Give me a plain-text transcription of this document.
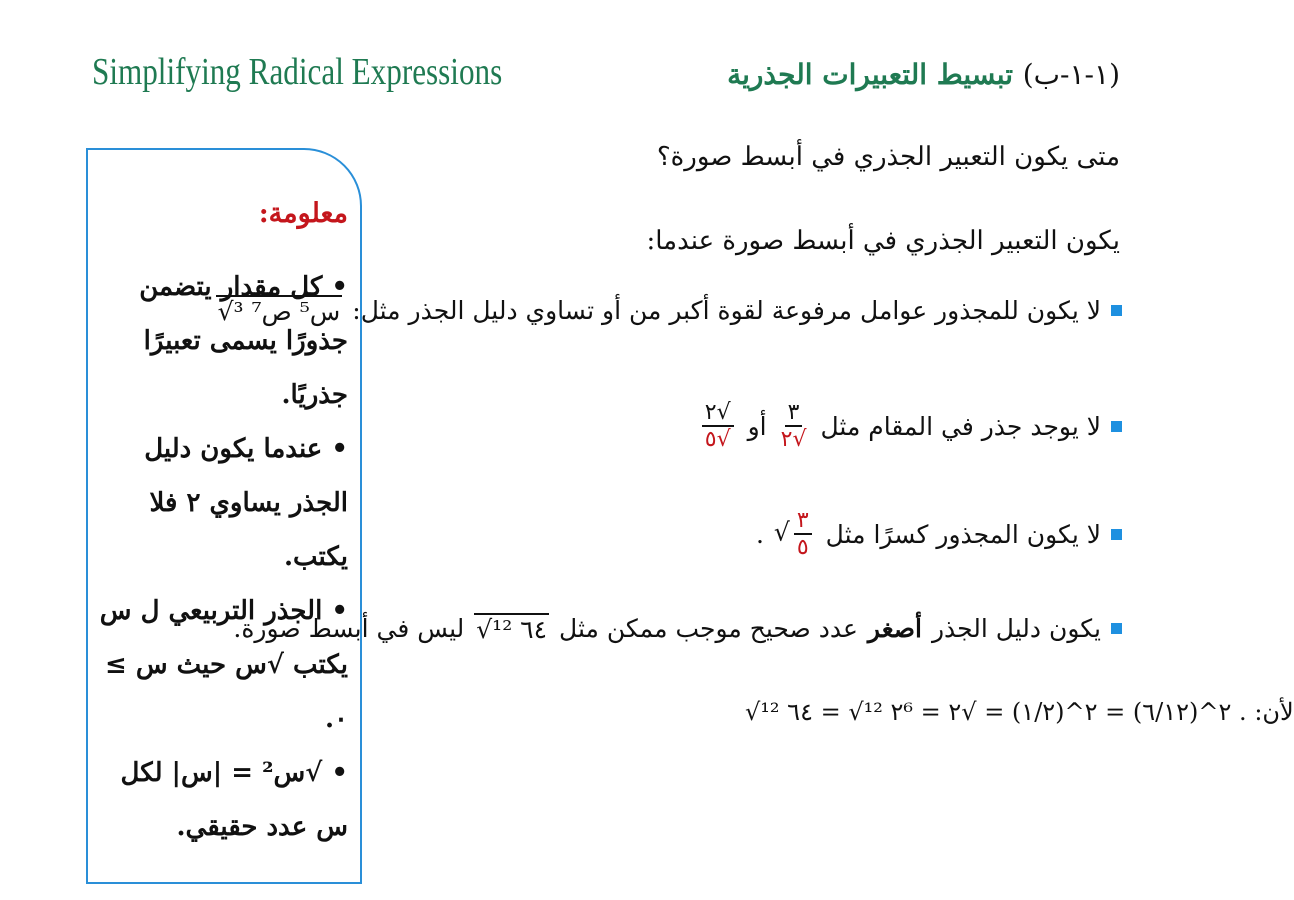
Simplifying Radical Expressions	(١-١-ب) تبسيط التعبيرات الجذرية
متى يكون التعبير الجذري في أبسط صورة؟
يكون التعبير الجذري في أبسط صورة عندما:
لا يكون للمجذور عوامل مرفوعة لقوة أكبر من أو تساوي دليل الجذر مثل:
√³ س⁵ ص⁷
لا يوجد جذر في المقام مثل
$\frac{٣}{√٢}$
أو
$\frac{√٢}{√٥}$
لا يكون المجذور كسرًا مثل
√ $\frac{٣}{٥}$
.
يكون دليل الجذر
أصغر
عدد صحيح موجب ممكن مثل
√¹² ٦٤
ليس في أبسط صورة.
لأن: √¹² ٦٤ = √¹² ٢⁶ = ٢^(٦/١٢) = ٢^(١/٢) = √٢ .
معلومة:

• كل مقدار يتضمن جذورًا يسمى تعبيرًا جذريًا.

• عندما يكون دليل الجذر يساوي ٢ فلا يكتب.

• الجذر التربيعي ل س يكتب √س حيث س ≥ ٠.

• √س² = |س| لكل س عدد حقيقي.
